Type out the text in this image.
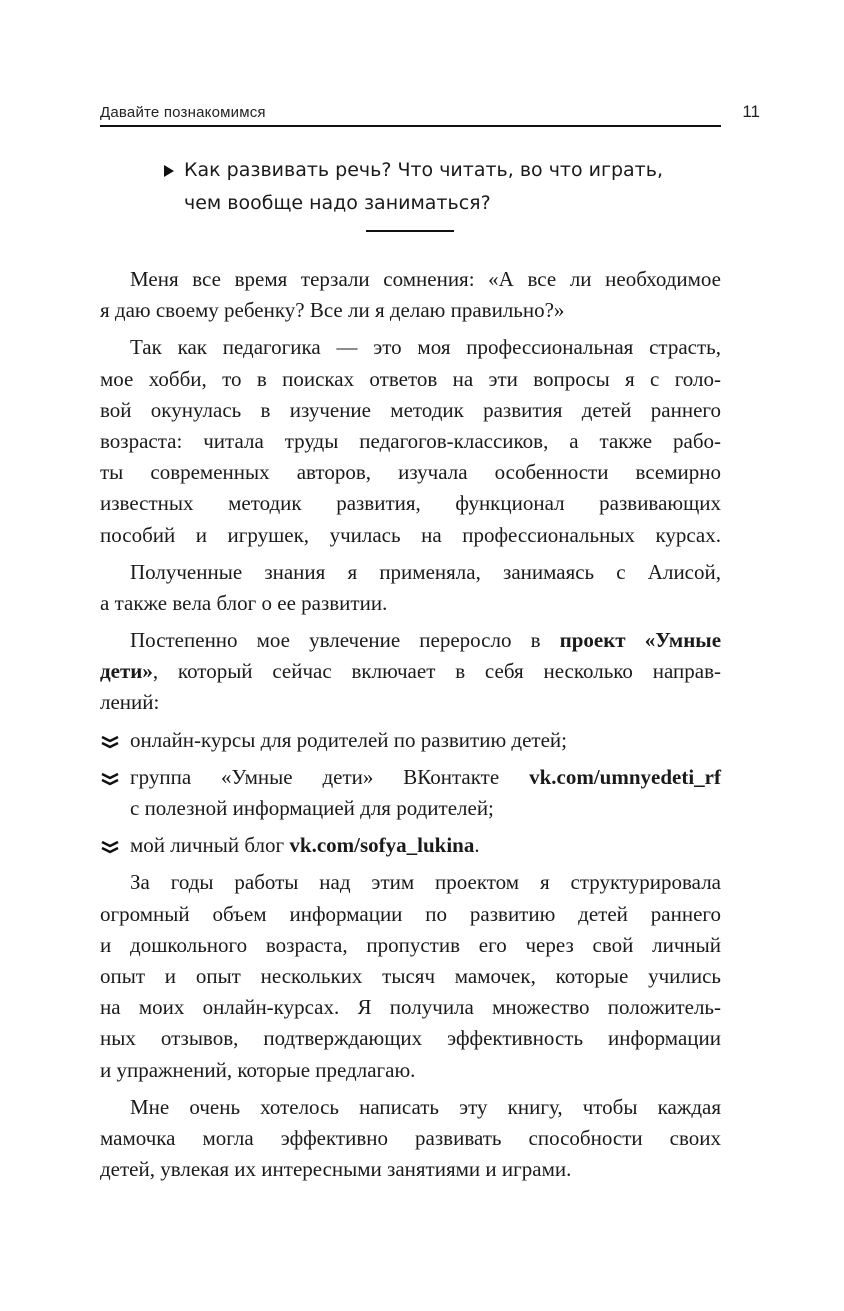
Давайте познакомимся	11
Как развивать речь? Что читать, во что играть,
чем вообще надо заниматься?
Меня все время терзали сомнения: «А все ли необходимое
я даю своему ребенку? Все ли я делаю правильно?»
Так как педагогика — это моя профессиональная страсть,
мое хобби, то в поисках ответов на эти вопросы я с голо-
вой окунулась в изучение методик развития детей раннего
возраста: читала труды педагогов-классиков, а также рабо-
ты современных авторов, изучала особенности всемирно
известных методик развития, функционал развивающих
пособий и игрушек, училась на профессиональных курсах.
Полученные знания я применяла, занимаясь с Алисой,
а также вела блог о ее развитии.
Постепенно мое увлечение переросло в проект «Умные
дети», который сейчас включает в себя несколько направ-
лений:
онлайн-курсы для родителей по развитию детей;
группа «Умные дети» ВКонтакте vk.com/umnyedeti_rf
с полезной информацией для родителей;
мой личный блог vk.com/sofya_lukina.
За годы работы над этим проектом я структурировала
огромный объем информации по развитию детей раннего
и дошкольного возраста, пропустив его через свой личный
опыт и опыт нескольких тысяч мамочек, которые учились
на моих онлайн-курсах. Я получила множество положитель-
ных отзывов, подтверждающих эффективность информации
и упражнений, которые предлагаю.
Мне очень хотелось написать эту книгу, чтобы каждая
мамочка могла эффективно развивать способности своих
детей, увлекая их интересными занятиями и играми.
